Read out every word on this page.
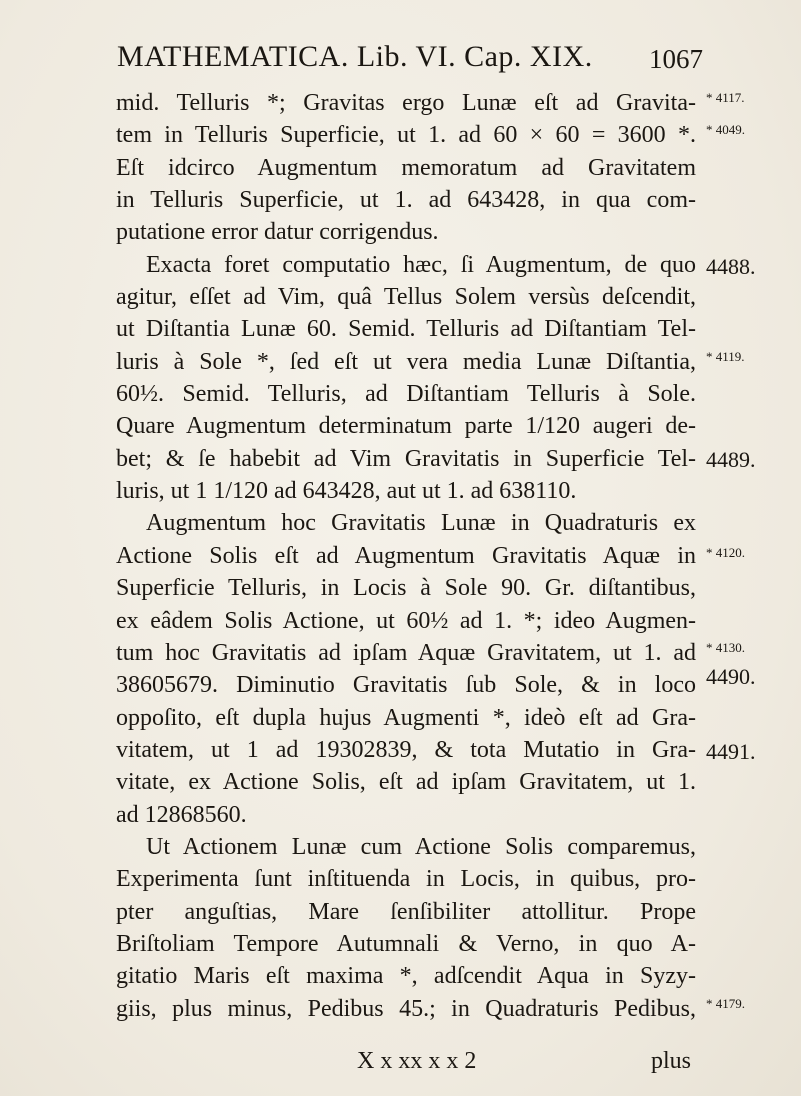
MATHEMATICA. Lib. VI. Cap. XIX. 1067
mid. Telluris *; Gravitas ergo Lunæ eſt ad Gravita-
tem in Telluris Superficie, ut 1. ad 60 × 60 = 3600 *.
Eſt idcirco Augmentum memoratum ad Gravitatem
in Telluris Superficie, ut 1. ad 643428, in qua com-
putatione error datur corrigendus.
Exacta foret computatio hæc, ſi Augmentum, de quo
agitur, eſſet ad Vim, quâ Tellus Solem versùs deſcendit,
ut Diſtantia Lunæ 60. Semid. Telluris ad Diſtantiam Tel-
luris à Sole *, ſed eſt ut vera media Lunæ Diſtantia,
60½. Semid. Telluris, ad Diſtantiam Telluris à Sole.
Quare Augmentum determinatum parte 1/120 augeri de-
bet; & ſe habebit ad Vim Gravitatis in Superficie Tel-
luris, ut 1 1/120 ad 643428, aut ut 1. ad 638110.
Augmentum hoc Gravitatis Lunæ in Quadraturis ex
Actione Solis eſt ad Augmentum Gravitatis Aquæ in
Superficie Telluris, in Locis à Sole 90. Gr. diſtantibus,
ex eâdem Solis Actione, ut 60½ ad 1. *; ideo Augmen-
tum hoc Gravitatis ad ipſam Aquæ Gravitatem, ut 1. ad
38605679. Diminutio Gravitatis ſub Sole, & in loco
oppoſito, eſt dupla hujus Augmenti *, ideò eſt ad Gra-
vitatem, ut 1 ad 19302839, & tota Mutatio in Gra-
vitate, ex Actione Solis, eſt ad ipſam Gravitatem, ut 1.
ad 12868560.
Ut Actionem Lunæ cum Actione Solis comparemus,
Experimenta ſunt inſtituenda in Locis, in quibus, pro-
pter anguſtias, Mare ſenſibiliter attollitur. Prope
Briſtoliam Tempore Autumnali & Verno, in quo A-
gitatio Maris eſt maxima *, adſcendit Aqua in Syzy-
giis, plus minus, Pedibus 45.; in Quadraturis Pedibus,
* 4117.
* 4049.
4488.
* 4119.
4489.
* 4120.
* 4130.
4490.
4491.
* 4179.
X x xx x x 2	plus
